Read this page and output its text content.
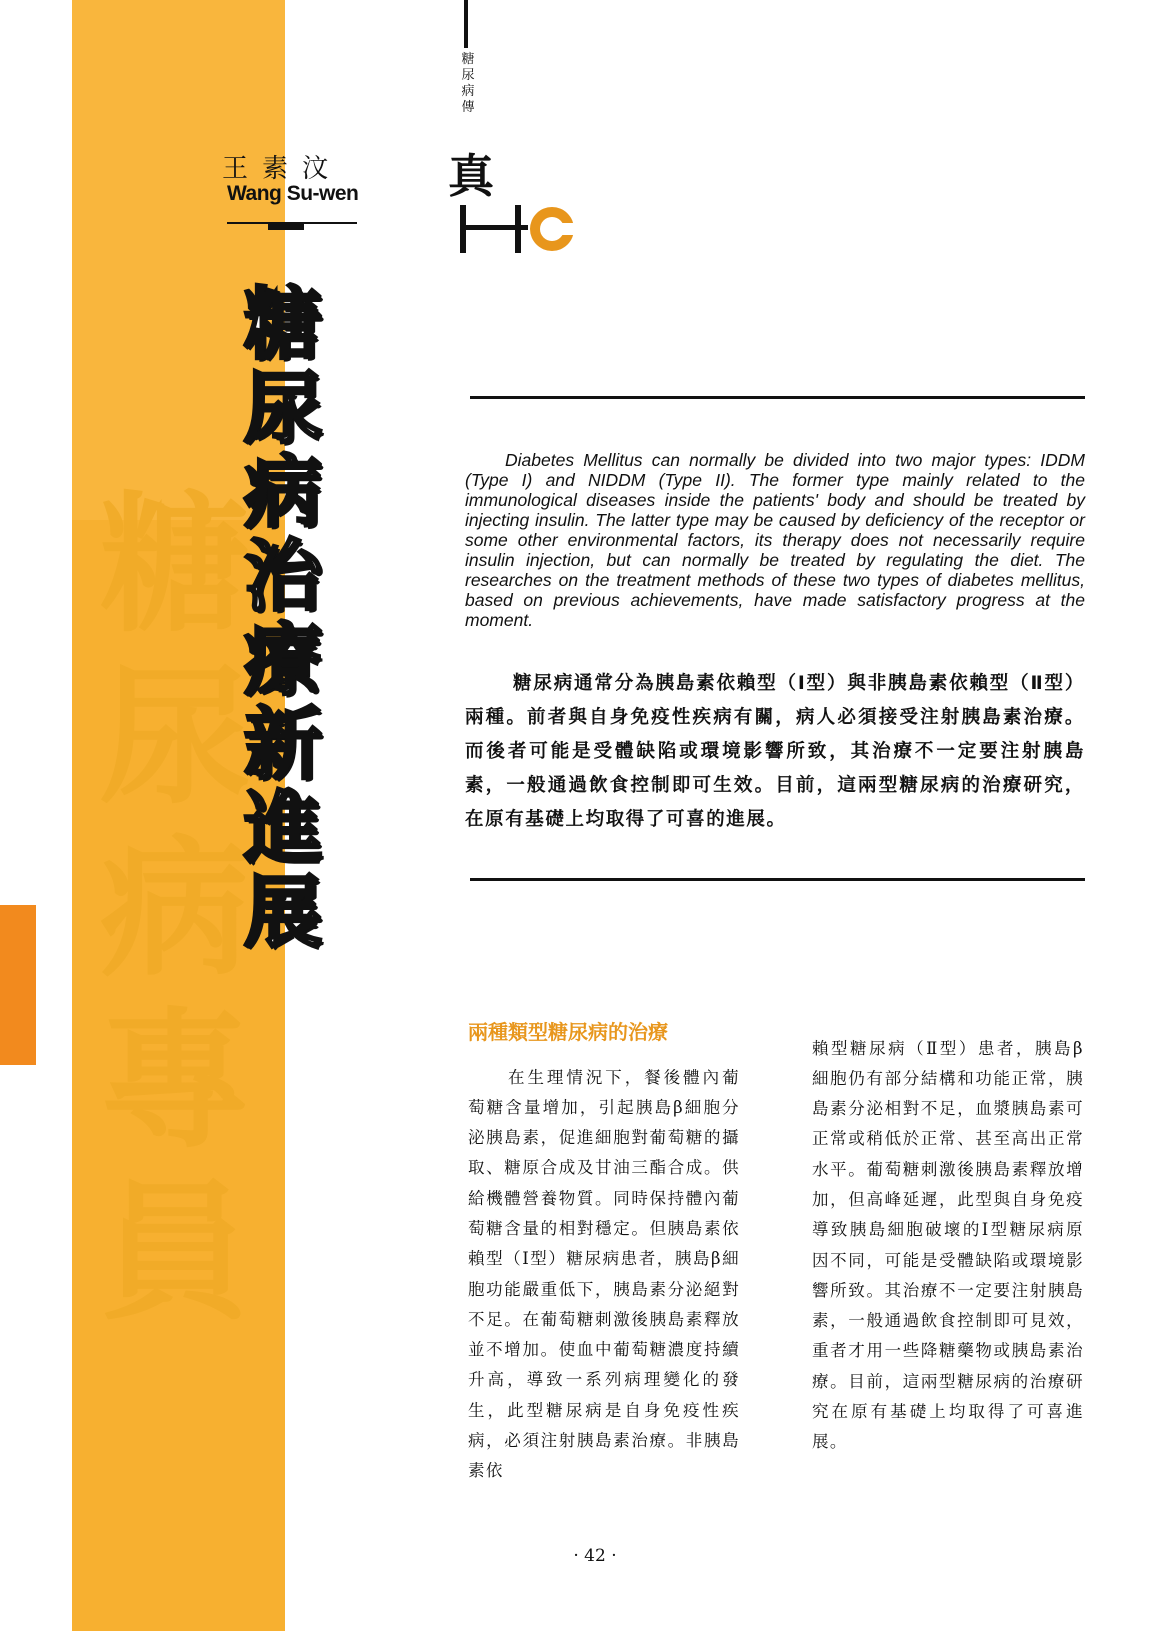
糖
尿
病
專
員
王素汶
Wang Su-wen
糖
尿
病
治
療
新
進
展
糖
尿
病
傳
真

Diabetes Mellitus can normally be divided into two major types: IDDM (Type I) and NIDDM (Type II). The former type mainly related to the immunological diseases inside the patients' body and should be treated by injecting insulin. The latter type may be caused by deficiency of the receptor or some other environmental factors, its therapy does not necessarily require insulin injection, but can normally be treated by regulating the diet. The researches on the treatment methods of these two types of diabetes mellitus, based on previous achievements, have made satisfactory progress at the moment.

糖尿病通常分為胰島素依賴型（Ⅰ型）與非胰島素依賴型（Ⅱ型）兩種。前者與自身免疫性疾病有關，病人必須接受注射胰島素治療。而後者可能是受體缺陷或環境影響所致，其治療不一定要注射胰島素，一般通過飲食控制即可生效。目前，這兩型糖尿病的治療研究，在原有基礎上均取得了可喜的進展。

兩種類型糖尿病的治療

在生理情況下，餐後體內葡萄糖含量增加，引起胰島β細胞分泌胰島素，促進細胞對葡萄糖的攝取、糖原合成及甘油三酯合成。供給機體營養物質。同時保持體內葡萄糖含量的相對穩定。但胰島素依賴型（Ⅰ型）糖尿病患者，胰島β細胞功能嚴重低下，胰島素分泌絕對不足。在葡萄糖刺激後胰島素釋放並不增加。使血中葡萄糖濃度持續升高，導致一系列病理變化的發生，此型糖尿病是自身免疫性疾病，必須注射胰島素治療。非胰島素依

賴型糖尿病（Ⅱ型）患者，胰島β細胞仍有部分結構和功能正常，胰島素分泌相對不足，血漿胰島素可正常或稍低於正常、甚至高出正常水平。葡萄糖刺激後胰島素釋放增加，但高峰延遲，此型與自身免疫導致胰島細胞破壞的Ⅰ型糖尿病原因不同，可能是受體缺陷或環境影響所致。其治療不一定要注射胰島素，一般通過飲食控制即可見效，重者才用一些降糖藥物或胰島素治療。目前，這兩型糖尿病的治療研究在原有基礎上均取得了可喜進展。

· 42 ·
